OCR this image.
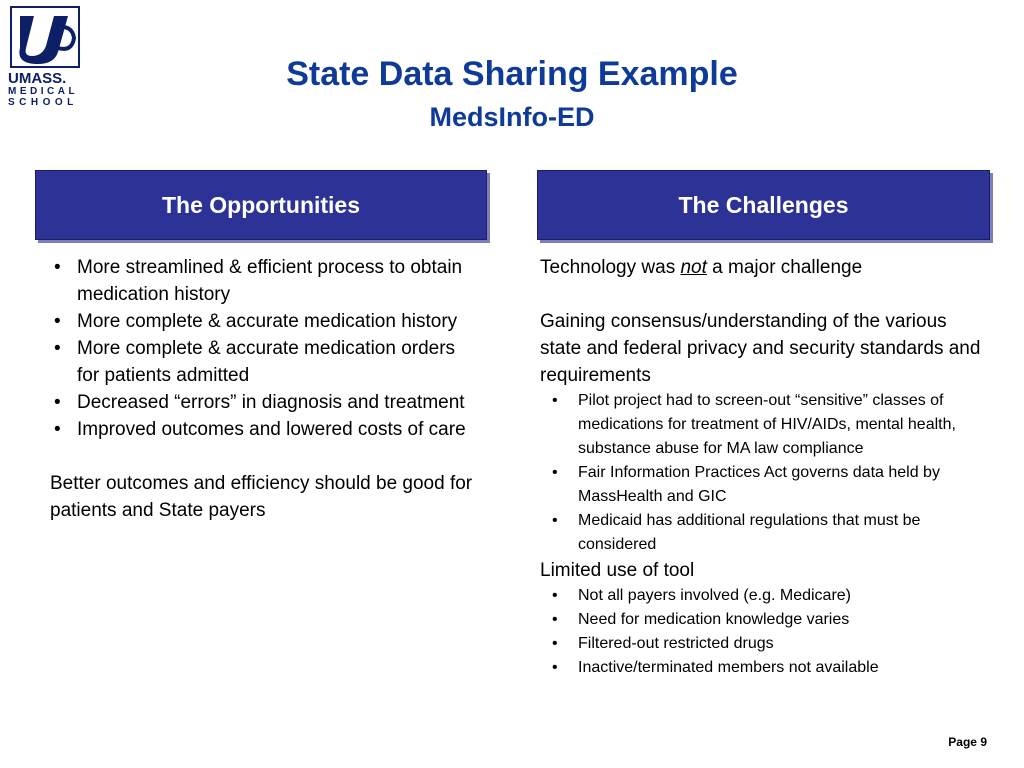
UMASS.
MEDICAL
SCHOOL
State Data Sharing Example
MedsInfo-ED
The Opportunities	The Challenges
• More streamlined & efficient process to obtain medication history
• More complete & accurate medication history
• More complete & accurate medication orders for patients admitted
• Decreased “errors” in diagnosis and treatment
• Improved outcomes and lowered costs of care

Better outcomes and efficiency should be good for patients and State payers

Technology was not a major challenge

Gaining consensus/understanding of the various state and federal privacy and security standards and requirements

• Pilot project had to screen-out “sensitive” classes of medications for treatment of HIV/AIDs, mental health, substance abuse for MA law compliance
• Fair Information Practices Act governs data held by MassHealth and GIC
• Medicaid has additional regulations that must be considered

Limited use of tool

• Not all payers involved (e.g. Medicare)
• Need for medication knowledge varies
• Filtered-out restricted drugs
• Inactive/terminated members not available
Page 9
